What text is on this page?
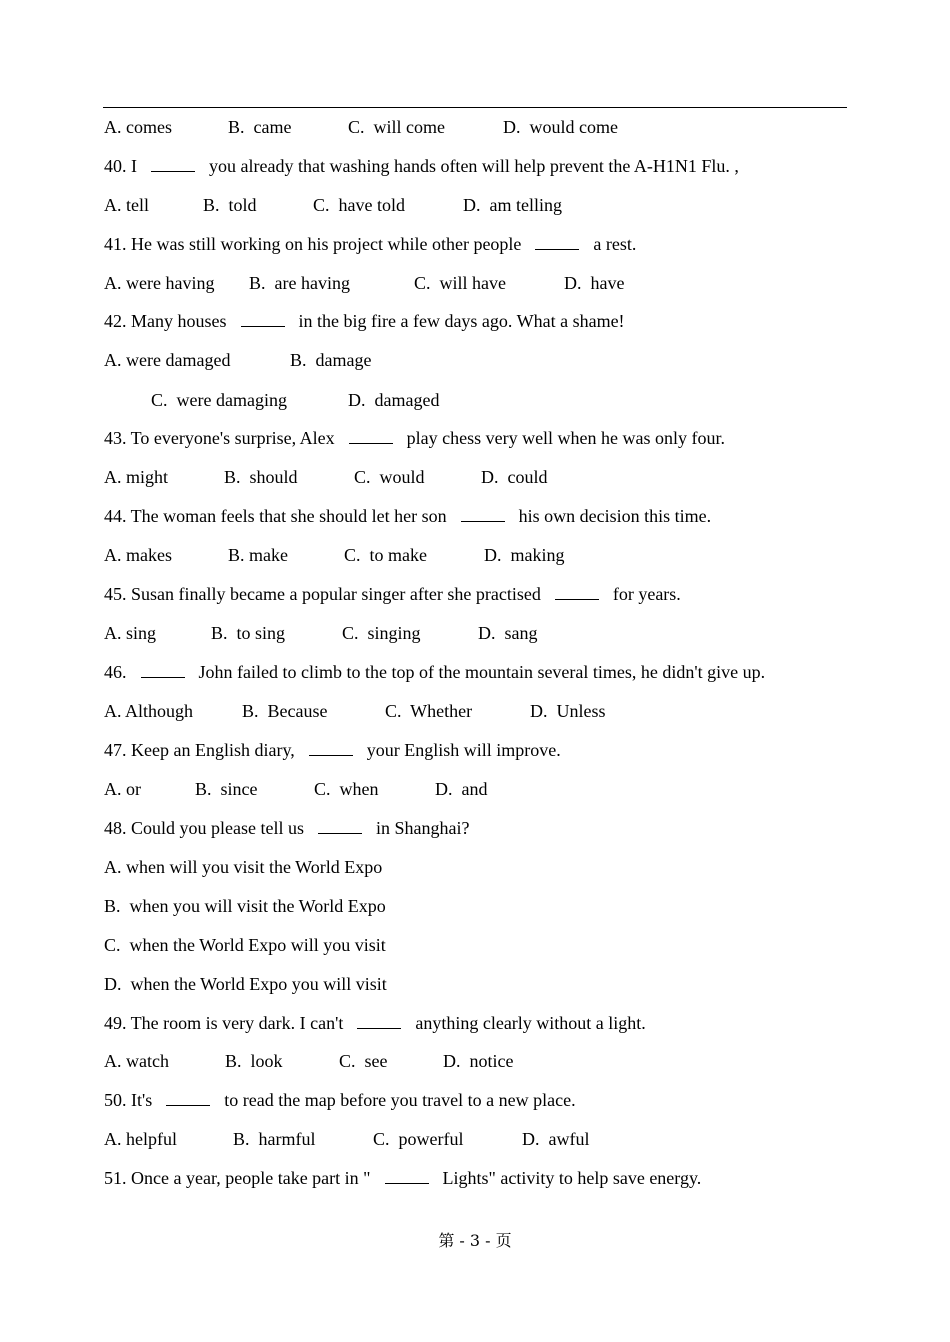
A. comes	B.  came	C.  will come	D.  would come
40. I	you already that washing hands often will help prevent the A-H1N1 Flu. ,
A. tell	B.  told	C.  have told	D.  am telling
41. He was still working on his project while other people	a rest.
A. were having B.  are having	C.  will have	D.  have
42. Many houses	in the big fire a few days ago. What a shame!
A. were damaged	B.  damage
C.  were damaging	D.  damaged
43. To everyone's surprise, Alex	play chess very well when he was only four.
A. might	B.  should	C.  would	D.  could
44. The woman feels that she should let her son	his own decision this time.
A. makes	B. make	C.  to make	D.  making
45. Susan finally became a popular singer after she practised	for years.
A. sing	B.  to sing	C.  singing	D.  sang
46.	John failed to climb to the top of the mountain several times, he didn't give up.
A. Although	B.  Because	C.  Whether	D.  Unless
47. Keep an English diary,	your English will improve.
A. or	B.  since	C.  when	D.  and
48. Could you please tell us	in Shanghai?
A. when will you visit the World Expo
B.  when you will visit the World Expo
C.  when the World Expo will you visit
D.  when the World Expo you will visit
49. The room is very dark. I can't	anything clearly without a light.
A. watch	B.  look	C.  see	D.  notice
50. It's	to read the map before you travel to a new place.
A. helpful	B.  harmful	C.  powerful	D.  awful
51. Once a year, people take part in "	Lights" activity to help save energy.
第 - 3 - 页
